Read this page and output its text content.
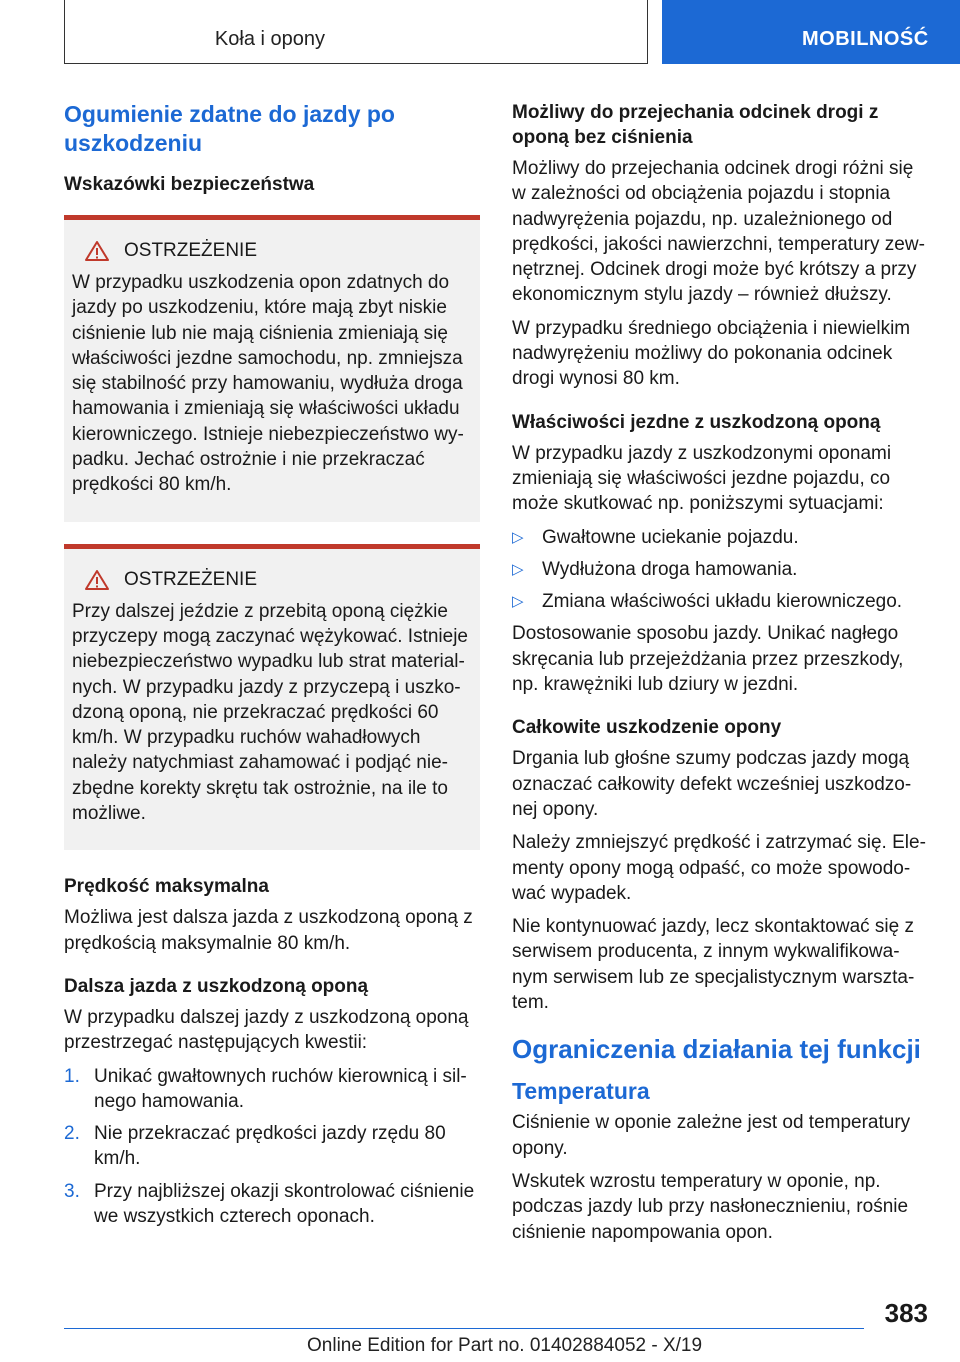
Koła i opony	MOBILNOŚĆ
Ogumienie zdatne do jazdy po uszkodzeniu
Wskazówki bezpieczeństwa
OSTRZEŻENIE

W przypadku uszkodzenia opon zdatnych do jazdy po uszkodzeniu, które mają zbyt niskie ciśnienie lub nie mają ciśnienia zmieniają się właściwości jezdne samochodu, np. zmniejsza się stabilność przy hamowaniu, wydłuża droga hamowania i zmieniają się właściwości układu kierowniczego. Istnieje niebezpieczeństwo wypadku. Jechać ostrożnie i nie przekraczać prędkości 80 km/h.

OSTRZEŻENIE

Przy dalszej jeździe z przebitą oponą ciężkie przyczepy mogą zaczynać wężykować. Istnieje niebezpieczeństwo wypadku lub strat materialnych. W przypadku jazdy z przyczepą i uszkodzoną oponą, nie przekraczać prędkości 60 km/h. W przypadku ruchów wahadłowych należy natychmiast zahamować i podjąć niezbędne korekty skrętu tak ostrożnie, na ile to możliwe.

Prędkość maksymalna

Możliwa jest dalsza jazda z uszkodzoną oponą z prędkością maksymalnie 80 km/h.

Dalsza jazda z uszkodzoną oponą

W przypadku dalszej jazdy z uszkodzoną oponą przestrzegać następujących kwestii:

1. Unikać gwałtownych ruchów kierownicą i silnego hamowania.
2. Nie przekraczać prędkości jazdy rzędu 80 km/h.
3. Przy najbliższej okazji skontrolować ciśnienie we wszystkich czterech oponach.
Możliwy do przejechania odcinek drogi z oponą bez ciśnienia

Możliwy do przejechania odcinek drogi różni się w zależności od obciążenia pojazdu i stopnia nadwyrężenia pojazdu, np. uzależnionego od prędkości, jakości nawierzchni, temperatury zewnętrznej. Odcinek drogi może być krótszy a przy ekonomicznym stylu jazdy – również dłuższy.

W przypadku średniego obciążenia i niewielkim nadwyrężeniu możliwy do pokonania odcinek drogi wynosi 80 km.

Właściwości jezdne z uszkodzoną oponą

W przypadku jazdy z uszkodzonymi oponami zmieniają się właściwości jezdne pojazdu, co może skutkować np. poniższymi sytuacjami:

▷ Gwałtowne uciekanie pojazdu.
▷ Wydłużona droga hamowania.
▷ Zmiana właściwości układu kierowniczego.

Dostosowanie sposobu jazdy. Unikać nagłego skręcania lub przejeżdżania przez przeszkody, np. krawężniki lub dziury w jezdni.

Całkowite uszkodzenie opony

Drgania lub głośne szumy podczas jazdy mogą oznaczać całkowity defekt wcześniej uszkodzonej opony.

Należy zmniejszyć prędkość i zatrzymać się. Elementy opony mogą odpaść, co może spowodować wypadek.

Nie kontynuować jazdy, lecz skontaktować się z serwisem producenta, z innym wykwalifikowanym serwisem lub ze specjalistycznym warsztatem.

Ograniczenia działania tej funkcji
Temperatura

Ciśnienie w oponie zależne jest od temperatury opony.

Wskutek wzrostu temperatury w oponie, np. podczas jazdy lub przy nasłonecznieniu, rośnie ciśnienie napompowania opon.

383
Online Edition for Part no. 01402884052 - X/19
